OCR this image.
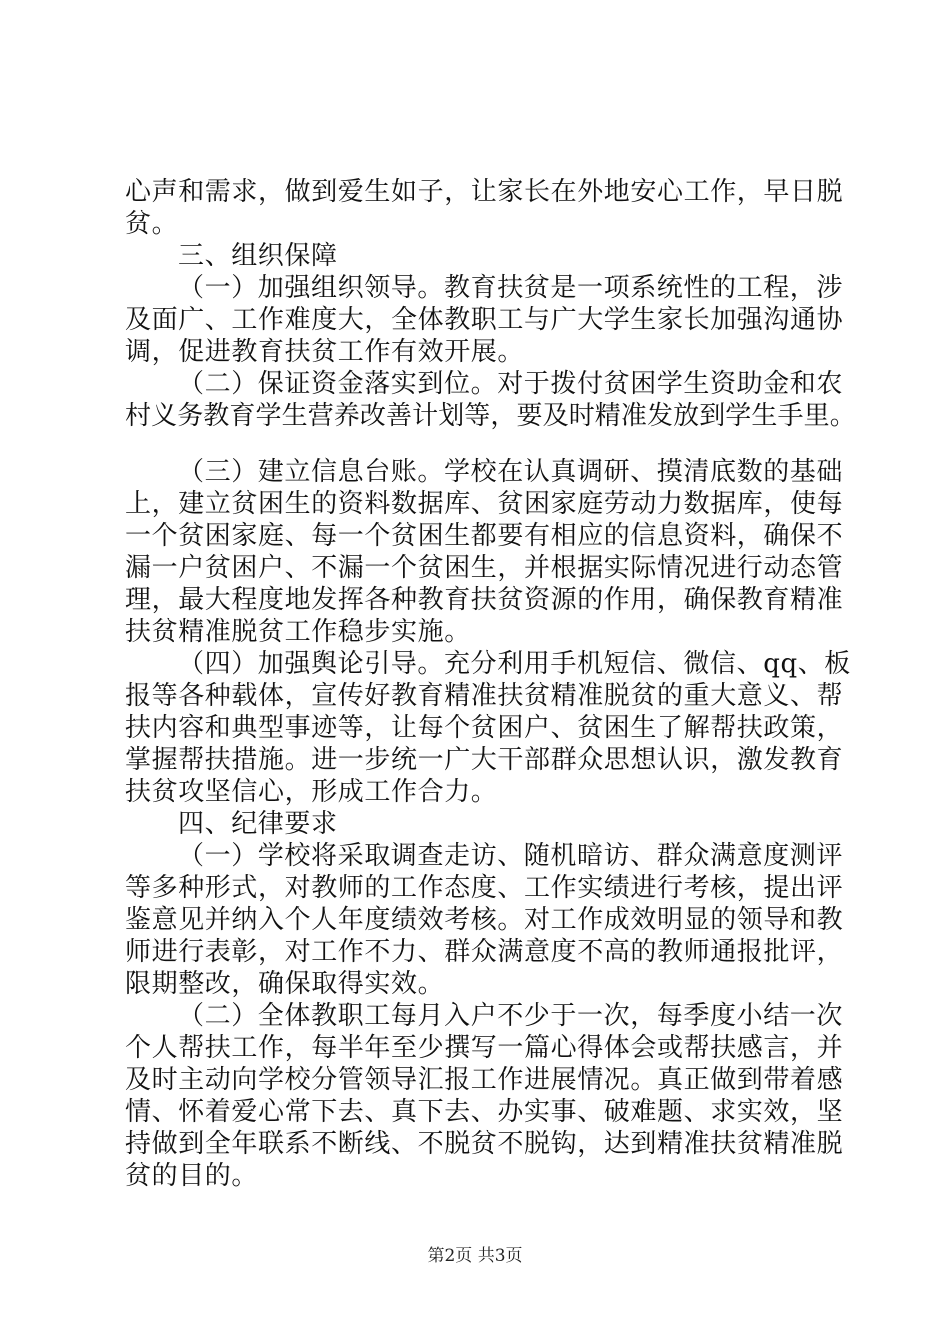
心声和需求，做到爱生如子，让家长在外地安心工作，早日脱
贫。
三、组织保障
（一）加强组织领导。教育扶贫是一项系统性的工程，涉
及面广、工作难度大，全体教职工与广大学生家长加强沟通协
调，促进教育扶贫工作有效开展。
（二）保证资金落实到位。对于拨付贫困学生资助金和农
村义务教育学生营养改善计划等，要及时精准发放到学生手里。
（三）建立信息台账。学校在认真调研、摸清底数的基础
上，建立贫困生的资料数据库、贫困家庭劳动力数据库，使每
一个贫困家庭、每一个贫困生都要有相应的信息资料，确保不
漏一户贫困户、不漏一个贫困生，并根据实际情况进行动态管
理，最大程度地发挥各种教育扶贫资源的作用，确保教育精准
扶贫精准脱贫工作稳步实施。
（四）加强舆论引导。充分利用手机短信、微信、qq、板
报等各种载体，宣传好教育精准扶贫精准脱贫的重大意义、帮
扶内容和典型事迹等，让每个贫困户、贫困生了解帮扶政策，
掌握帮扶措施。进一步统一广大干部群众思想认识，激发教育
扶贫攻坚信心，形成工作合力。
四、纪律要求
（一）学校将采取调查走访、随机暗访、群众满意度测评
等多种形式，对教师的工作态度、工作实绩进行考核，提出评
鉴意见并纳入个人年度绩效考核。对工作成效明显的领导和教
师进行表彰，对工作不力、群众满意度不高的教师通报批评，
限期整改，确保取得实效。
（二）全体教职工每月入户不少于一次，每季度小结一次
个人帮扶工作，每半年至少撰写一篇心得体会或帮扶感言，并
及时主动向学校分管领导汇报工作进展情况。真正做到带着感
情、怀着爱心常下去、真下去、办实事、破难题、求实效，坚
持做到全年联系不断线、不脱贫不脱钩，达到精准扶贫精准脱
贫的目的。
第2页 共3页
